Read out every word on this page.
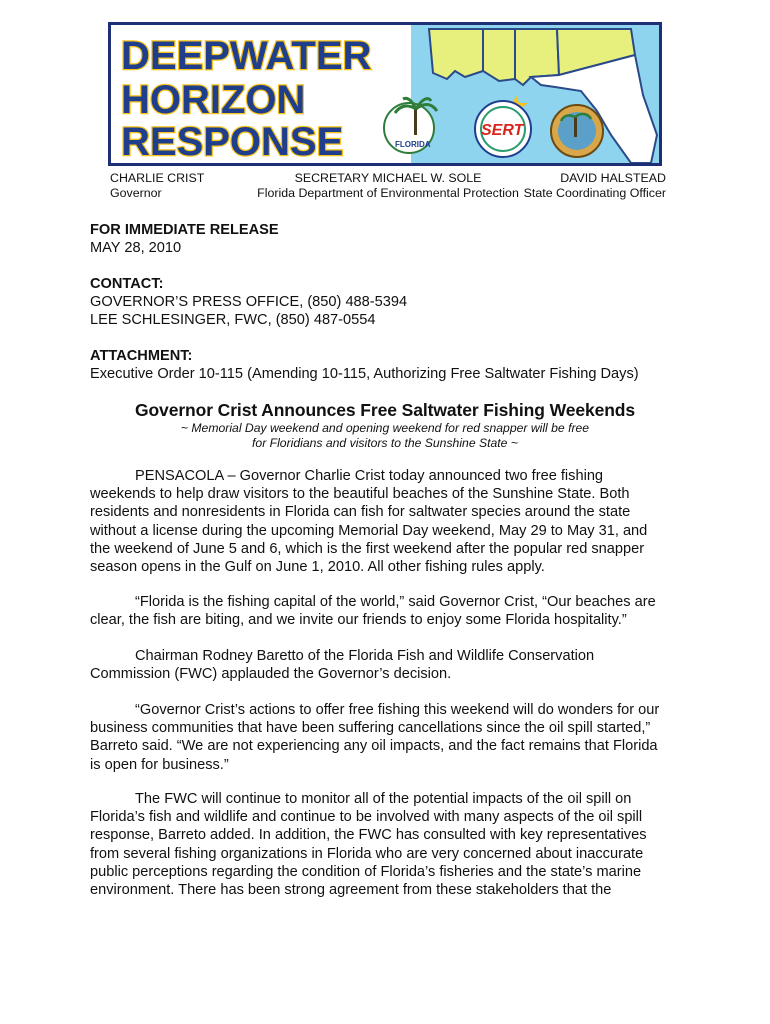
DEEPWATER
HORIZON
RESPONSE	FLORIDA
SERT
CHARLIE CRIST
Governor
SECRETARY MICHAEL W. SOLE
Florida Department of Environmental Protection
DAVID HALSTEAD
State Coordinating Officer
FOR IMMEDIATE RELEASE
MAY 28, 2010
CONTACT:
GOVERNOR’S PRESS OFFICE, (850) 488-5394
LEE SCHLESINGER, FWC, (850) 487-0554
ATTACHMENT:
Executive Order 10-115 (Amending 10-115, Authorizing Free Saltwater Fishing Days)
Governor Crist Announces Free Saltwater Fishing Weekends
~ Memorial Day weekend and opening weekend for red snapper will be free
for Floridians and visitors to the Sunshine State ~
PENSACOLA – Governor Charlie Crist today announced two free fishing
weekends to help draw visitors to the beautiful beaches of the Sunshine State. Both
residents and nonresidents in Florida can fish for saltwater species around the state
without a license during the upcoming Memorial Day weekend, May 29 to May 31, and
the weekend of June 5 and 6, which is the first weekend after the popular red snapper
season opens in the Gulf on June 1, 2010. All other fishing rules apply.
“Florida is the fishing capital of the world,” said Governor Crist, “Our beaches are
clear, the fish are biting, and we invite our friends to enjoy some Florida hospitality.”
Chairman Rodney Baretto of the Florida Fish and Wildlife Conservation
Commission (FWC) applauded the Governor’s decision.
“Governor Crist’s actions to offer free fishing this weekend will do wonders for our
business communities that have been suffering cancellations since the oil spill started,”
Barreto said. “We are not experiencing any oil impacts, and the fact remains that Florida
is open for business.”
The FWC will continue to monitor all of the potential impacts of the oil spill on
Florida’s fish and wildlife and continue to be involved with many aspects of the oil spill
response, Barreto added. In addition, the FWC has consulted with key representatives
from several fishing organizations in Florida who are very concerned about inaccurate
public perceptions regarding the condition of Florida’s fisheries and the state’s marine
environment. There has been strong agreement from these stakeholders that the
